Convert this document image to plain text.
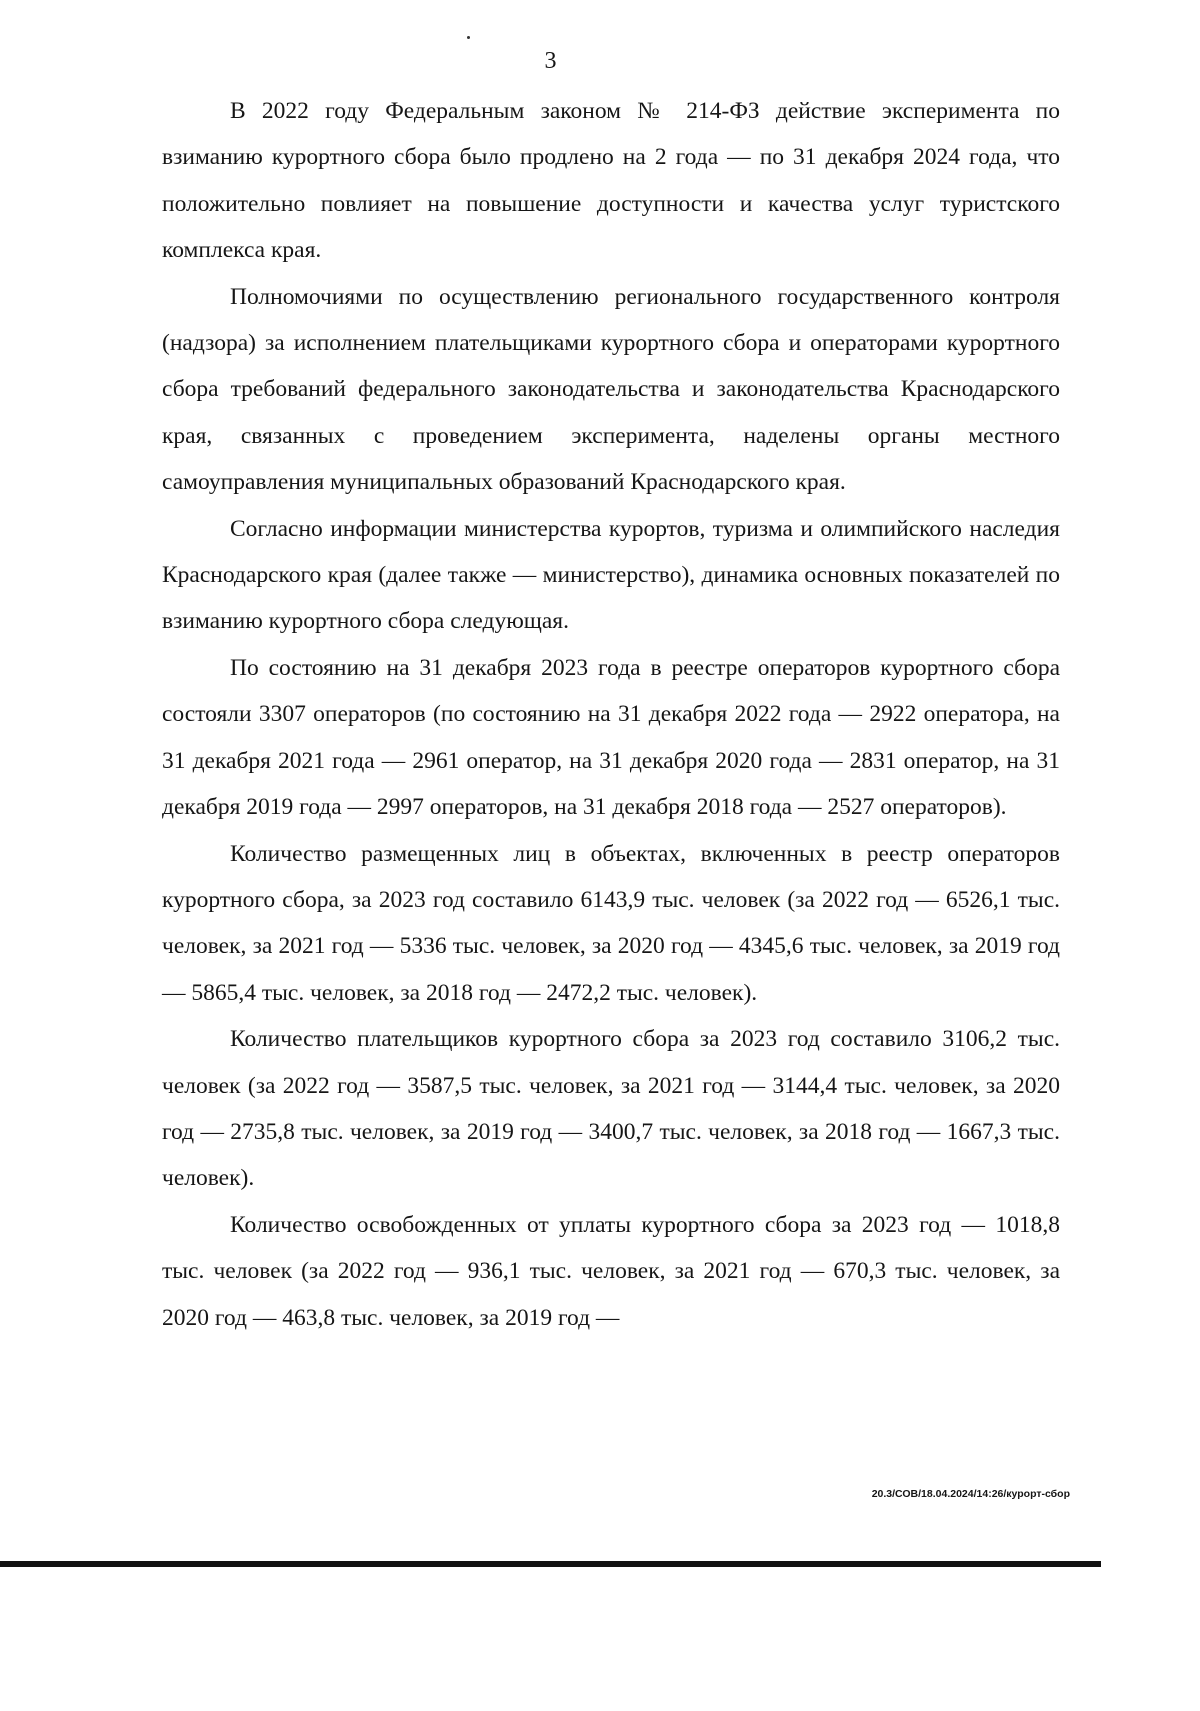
3

В 2022 году Федеральным законом № 214-ФЗ действие эксперимента по взиманию курортного сбора было продлено на 2 года — по 31 декабря 2024 года, что положительно повлияет на повышение доступности и качества услуг туристского комплекса края.

Полномочиями по осуществлению регионального государственного контроля (надзора) за исполнением плательщиками курортного сбора и операторами курортного сбора требований федерального законодательства и законодательства Краснодарского края, связанных с проведением эксперимента, наделены органы местного самоуправления муниципальных образований Краснодарского края.

Согласно информации министерства курортов, туризма и олимпийского наследия Краснодарского края (далее также — министерство), динамика основных показателей по взиманию курортного сбора следующая.

По состоянию на 31 декабря 2023 года в реестре операторов курортного сбора состояли 3307 операторов (по состоянию на 31 декабря 2022 года — 2922 оператора, на 31 декабря 2021 года — 2961 оператор, на 31 декабря 2020 года — 2831 оператор, на 31 декабря 2019 года — 2997 операторов, на 31 декабря 2018 года — 2527 операторов).

Количество размещенных лиц в объектах, включенных в реестр операторов курортного сбора, за 2023 год составило 6143,9 тыс. человек (за 2022 год — 6526,1 тыс. человек, за 2021 год — 5336 тыс. человек, за 2020 год — 4345,6 тыс. человек, за 2019 год — 5865,4 тыс. человек, за 2018 год — 2472,2 тыс. человек).

Количество плательщиков курортного сбора за 2023 год составило 3106,2 тыс. человек (за 2022 год — 3587,5 тыс. человек, за 2021 год — 3144,4 тыс. человек, за 2020 год — 2735,8 тыс. человек, за 2019 год — 3400,7 тыс. человек, за 2018 год — 1667,3 тыс. человек).

Количество освобожденных от уплаты курортного сбора за 2023 год — 1018,8 тыс. человек (за 2022 год — 936,1 тыс. человек, за 2021 год — 670,3 тыс. человек, за 2020 год — 463,8 тыс. человек, за 2019 год —

20.3/СОВ/18.04.2024/14:26/курорт-сбор
